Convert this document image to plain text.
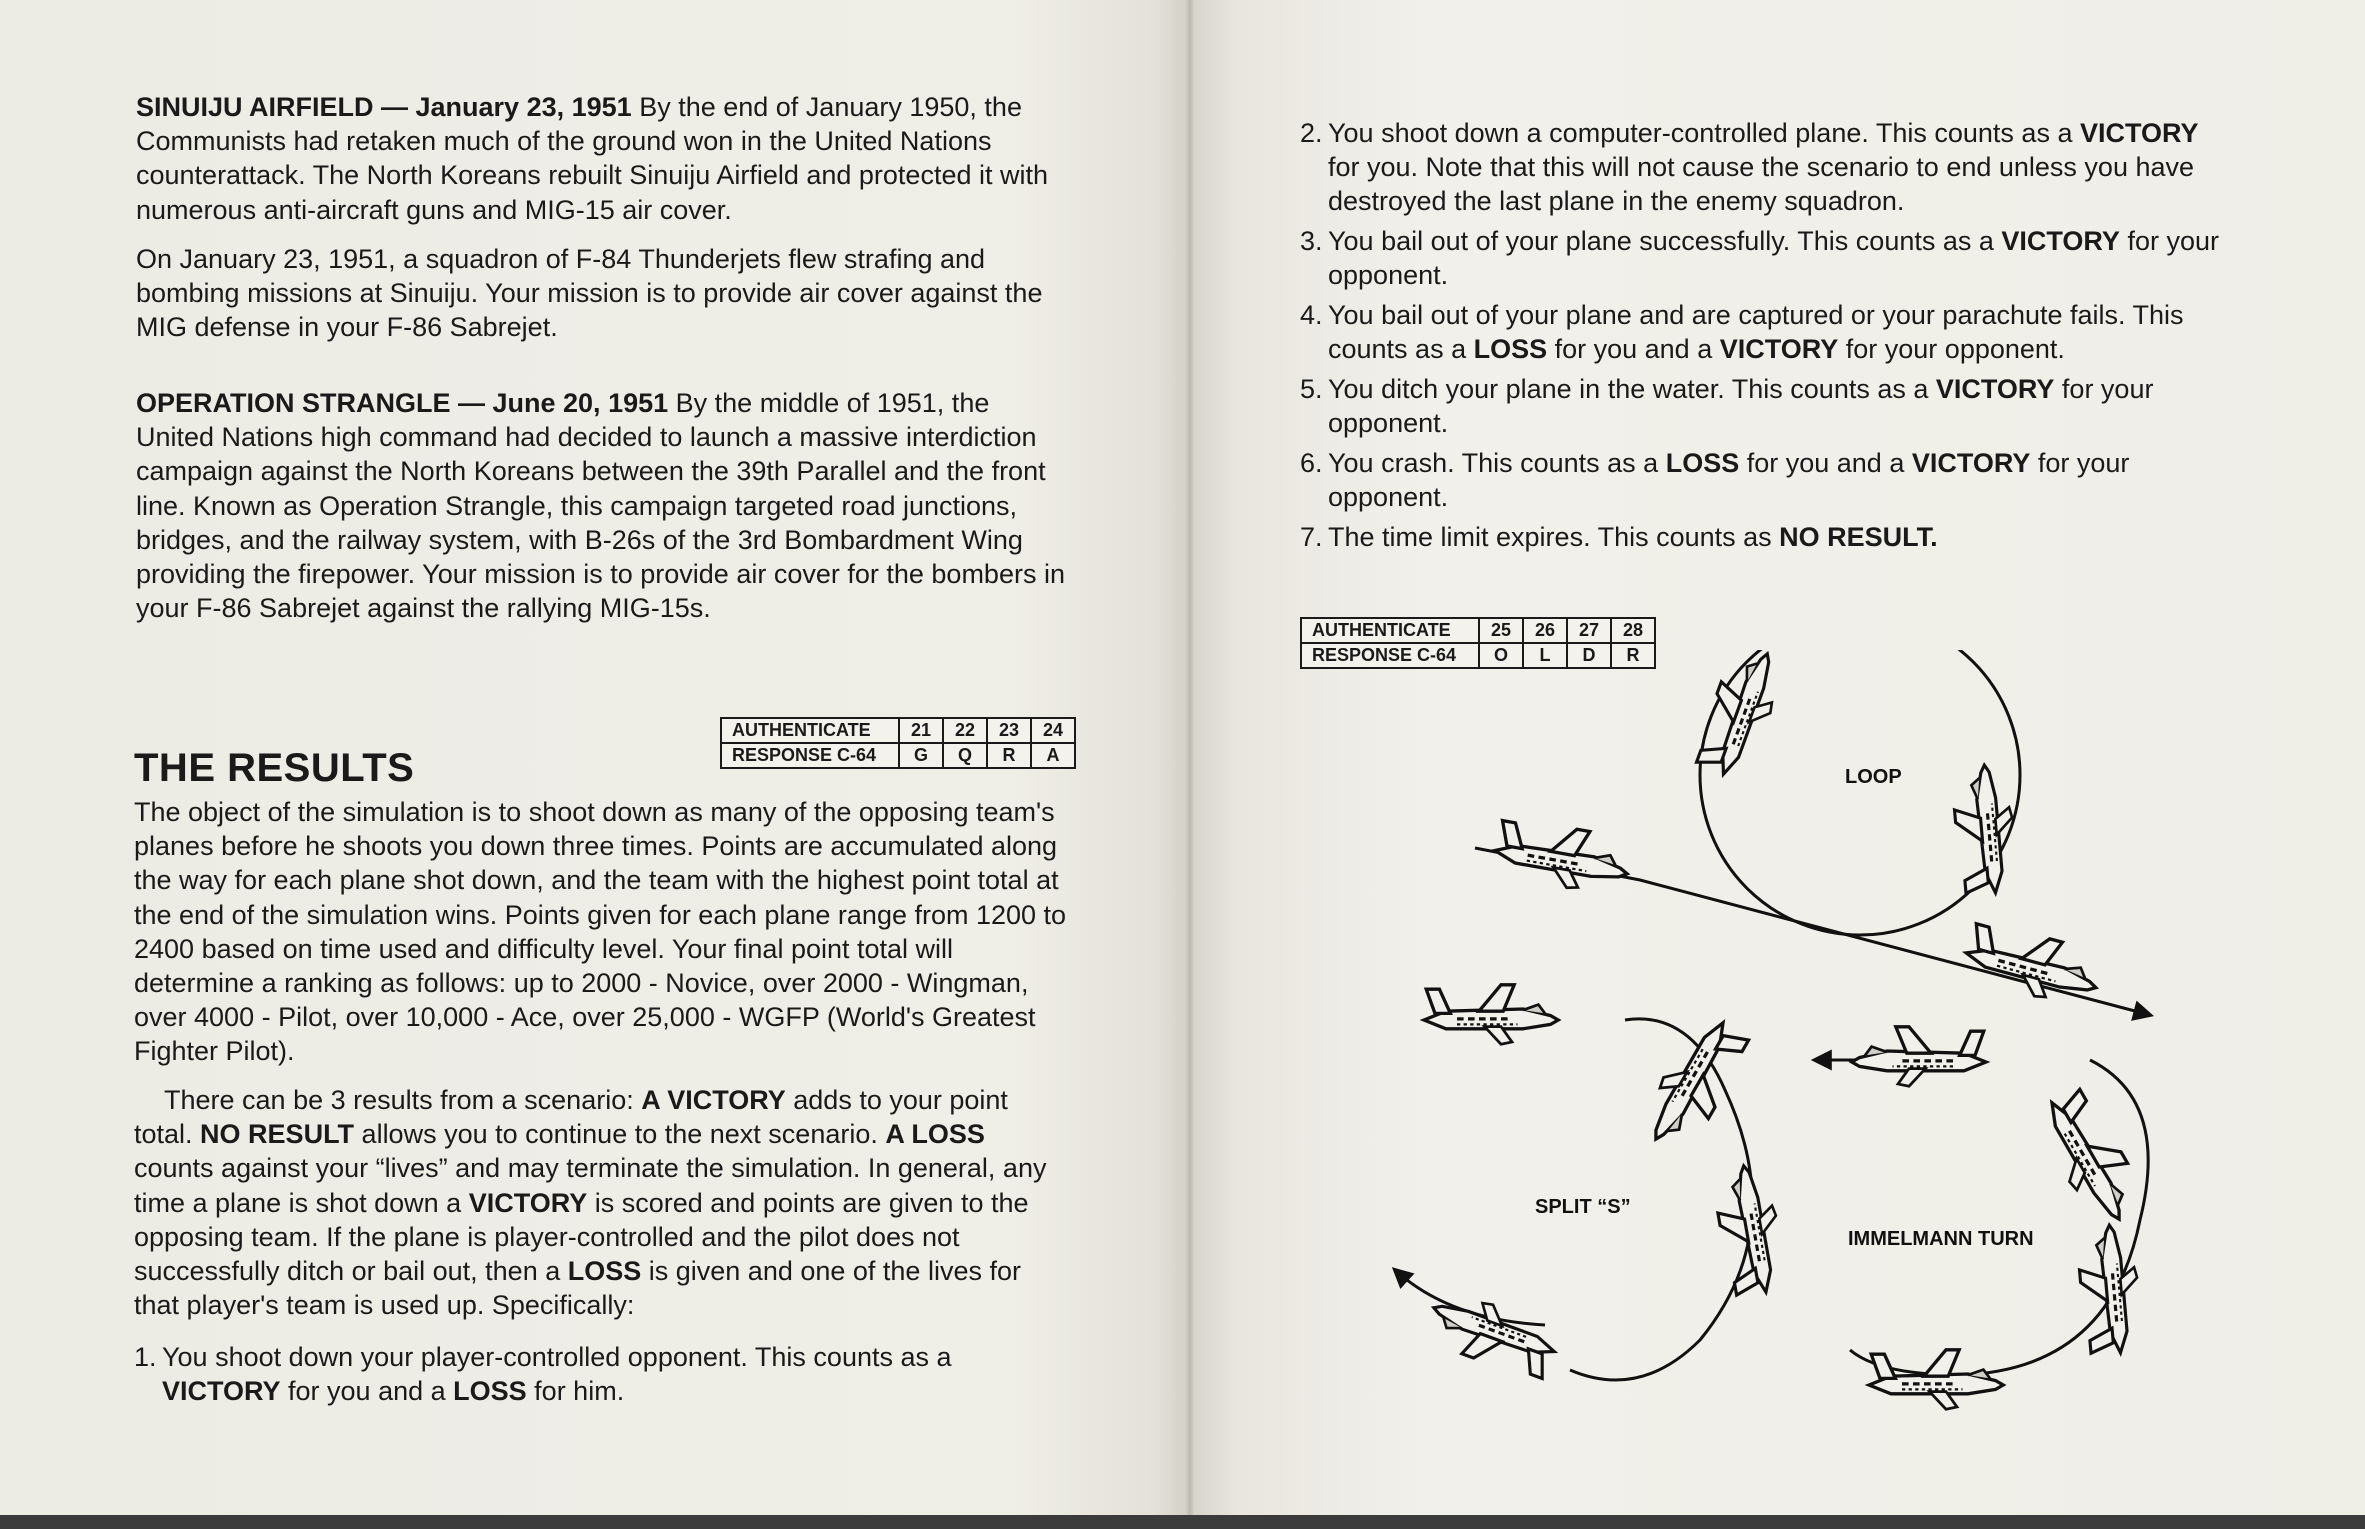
SINUIJU AIRFIELD — January 23, 1951 By the end of January 1950, the Communists had retaken much of the ground won in the United Nations counterattack. The North Koreans rebuilt Sinuiju Airfield and protected it with numerous anti-aircraft guns and MIG-15 air cover.

On January 23, 1951, a squadron of F-84 Thunderjets flew strafing and bombing missions at Sinuiju. Your mission is to provide air cover against the MIG defense in your F-86 Sabrejet.

OPERATION STRANGLE — June 20, 1951 By the middle of 1951, the United Nations high command had decided to launch a massive interdiction campaign against the North Koreans between the 39th Parallel and the front line. Known as Operation Strangle, this campaign targeted road junctions, bridges, and the railway system, with B-26s of the 3rd Bombardment Wing providing the firepower. Your mission is to provide air cover for the bombers in your F-86 Sabrejet against the rallying MIG-15s.

AUTHENTICATE	21	22	23	24
RESPONSE C-64	G	Q	R	A
THE RESULTS

The object of the simulation is to shoot down as many of the opposing team's planes before he shoots you down three times. Points are accumulated along the way for each plane shot down, and the team with the highest point total at the end of the simulation wins. Points given for each plane range from 1200 to 2400 based on time used and difficulty level. Your final point total will determine a ranking as follows: up to 2000 - Novice, over 2000 - Wingman, over 4000 - Pilot, over 10,000 - Ace, over 25,000 - WGFP (World's Greatest Fighter Pilot).

There can be 3 results from a scenario: A VICTORY adds to your point total. NO RESULT allows you to continue to the next scenario. A LOSS counts against your “lives” and may terminate the simulation. In general, any time a plane is shot down a VICTORY is scored and points are given to the opposing team. If the plane is player-controlled and the pilot does not successfully ditch or bail out, then a LOSS is given and one of the lives for that player's team is used up. Specifically:

1. You shoot down your player-controlled opponent. This counts as a VICTORY for you and a LOSS for him.
2. You shoot down a computer-controlled plane. This counts as a VICTORY for you. Note that this will not cause the scenario to end unless you have destroyed the last plane in the enemy squadron.
3. You bail out of your plane successfully. This counts as a VICTORY for your opponent.
4. You bail out of your plane and are captured or your parachute fails. This counts as a LOSS for you and a VICTORY for your opponent.
5. You ditch your plane in the water. This counts as a VICTORY for your opponent.
6. You crash. This counts as a LOSS for you and a VICTORY for your opponent.
7. The time limit expires. This counts as NO RESULT.
AUTHENTICATE	25	26	27	28
RESPONSE C-64	O	L	D	R
LOOP
IMMELMANN TURN
SPLIT “S”
